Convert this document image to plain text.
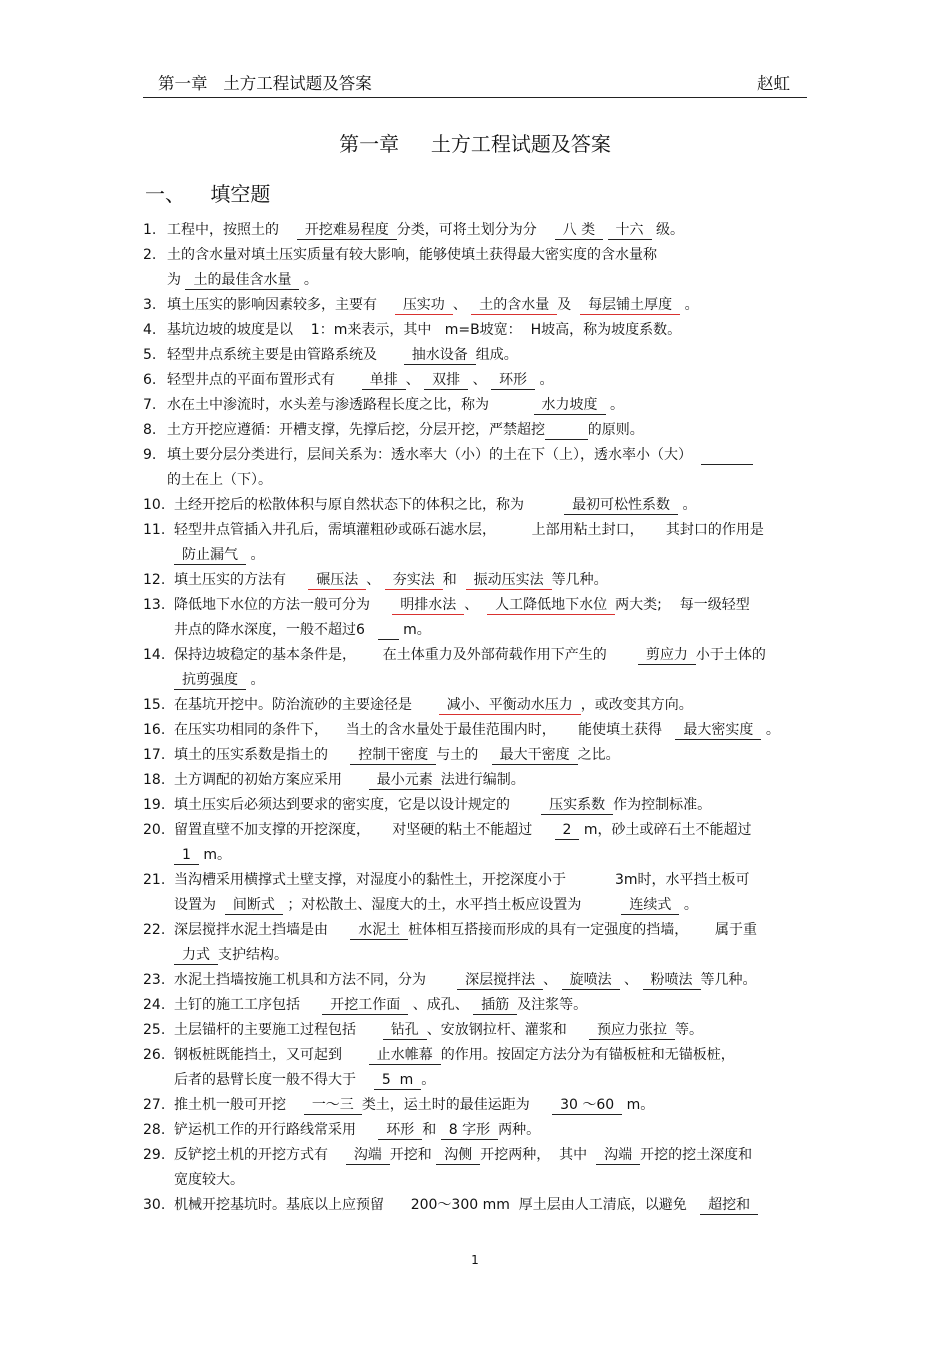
第一章   土方工程试题及答案	赵虹
第一章     土方工程试题及答案
一、    填空题
1. 工程中，按照土的    开挖难易程度 分类，可将土划分为分    八 类 十六 级。
2. 土的含水量对填土压实质量有较大影响，能够使填土获得最大密实度的含水量称
为 土的最佳含水量 。
3. 填土压实的影响因素较多，主要有    压实功 、 土的含水量 及  每层铺土厚度 。
4. 基坑边坡的坡度是以    1：m来表示，其中   m=B坡宽：  H坡高，称为坡度系数。
5. 轻型井点系统主要是由管路系统及      抽水设备 组成。
6. 轻型井点的平面布置形式有      单排 、 双排 、 环形 。
7. 水在土中渗流时，水头差与渗透路程长度之比，称为          水力坡度 。
8. 土方开挖应遵循：开槽支撑，先撑后挖，分层开挖，严禁超挖	的原则。
9. 填土要分层分类进行，层间关系为：透水率大（小）的土在下（上），透水率小（大）
的土在上（下）。
10. 土经开挖后的松散体积与原自然状态下的体积之比，称为         最初可松性系数 。
11. 轻型井点管插入井孔后，需填灌粗砂或砾石滤水层，        上部用粘土封口，     其封口的作用是
防止漏气 。
12. 填土压实的方法有     碾压法 、 夯实法 和  振动压实法 等几种。
13. 降低地下水位的方法一般可分为     明排水法 、  人工降低地下水位 两大类;    每一级轻型
井点的降水深度，一般不超过6     m。
14. 保持边坡稳定的基本条件是，      在土体重力及外部荷载作用下产生的       剪应力 小于土体的
抗剪强度 。
15. 在基坑开挖中。防治流砂的主要途径是      减小、平衡动水压力 ，或改变其方向。
16. 在压实功相同的条件下，    当土的含水量处于最佳范围内时，     能使填土获得   最大密实度 。
17. 填土的压实系数是指土的     控制干密度 与土的   最大干密度 之比。
18. 土方调配的初始方案应采用      最小元素 法进行编制。
19. 填土压实后必须达到要求的密实度，它是以设计规定的       压实系数 作为控制标准。
20. 留置直壁不加支撑的开挖深度，     对坚硬的粘土不能超过     2 m，砂土或碎石土不能超过
1 m。
21. 当沟槽采用横撑式土壁支撑，对湿度小的黏性土，开挖深度小于           3m时，水平挡土板可
设置为  间断式 ；对松散土、湿度大的土，水平挡土板应设置为         连续式 。
22. 深层搅拌水泥土挡墙是由     水泥土 桩体相互搭接而形成的具有一定强度的挡墙，      属于重
力式 支护结构。
23. 水泥土挡墙按施工机具和方法不同，分为       深层搅拌法 、 旋喷法 、 粉喷法 等几种。
24. 土钉的施工工序包括     开挖工作面 、成孔、 插筋 及注浆等。
25. 土层锚杆的主要施工过程包括      钻孔 、安放钢拉杆、灌浆和     预应力张拉 等。
26. 钢板桩既能挡土，又可起到      止水帷幕 的作用。按固定方法分为有锚板桩和无锚板桩，
后者的悬臂长度一般不得大于    5  m 。
27. 推土机一般可开挖    一～三 类土，运土时的最佳运距为     30 ～60 m。
28. 铲运机工作的开行路线常采用     环形 和 8 字形 两种。
29. 反铲挖土机的开挖方式有    沟端 开挖和 沟侧 开挖两种，  其中  沟端 开挖的挖土深度和
宽度较大。
30. 机械开挖基坑时。基底以上应预留      200～300 mm  厚土层由人工清底，以避免   超挖和
1
